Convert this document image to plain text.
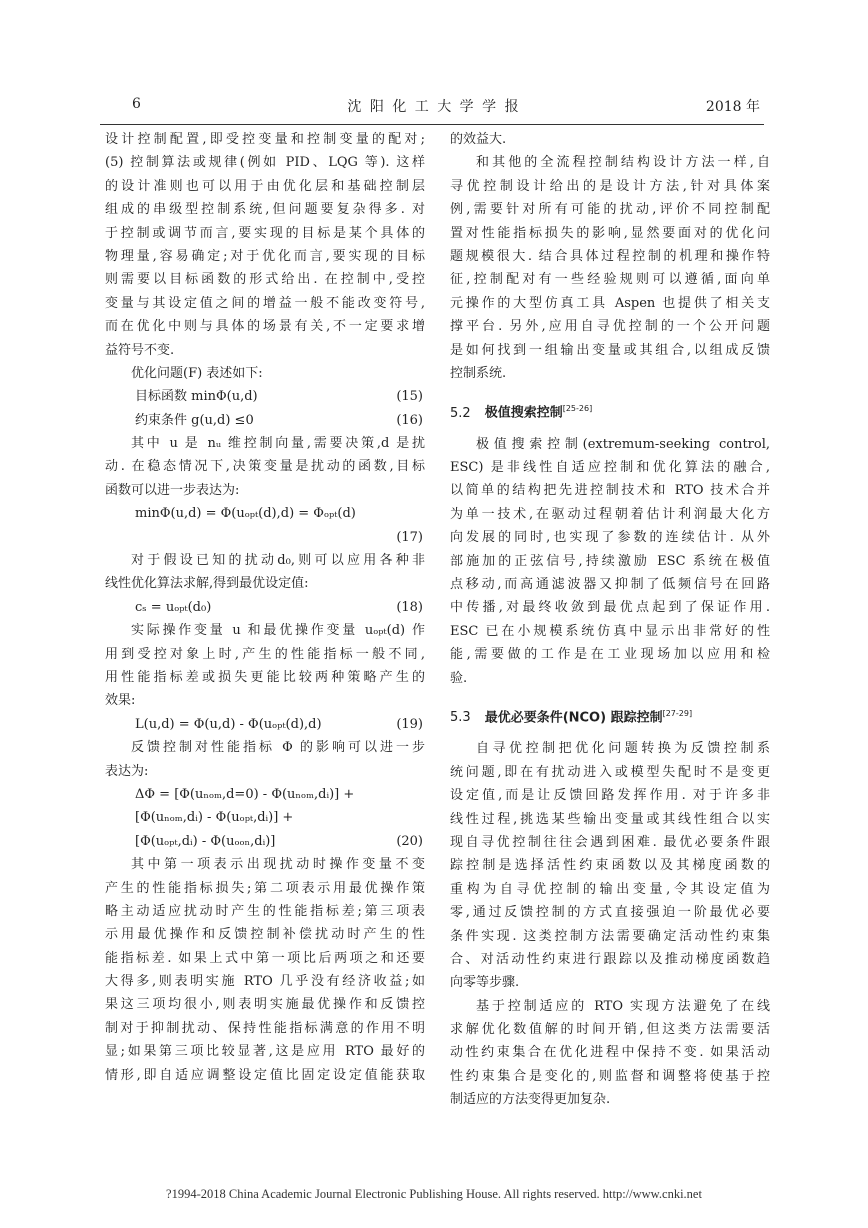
6	沈 阳 化 工 大 学 学 报	2018 年
设计控制配置,即受控变量和控制变量的配对;
(5) 控制算法或规律(例如 PID、LQG 等). 这样
的设计准则也可以用于由优化层和基础控制层
组成的串级型控制系统,但问题要复杂得多. 对
于控制或调节而言,要实现的目标是某个具体的
物理量,容易确定;对于优化而言,要实现的目标
则需要以目标函数的形式给出. 在控制中,受控
变量与其设定值之间的增益一般不能改变符号,
而在优化中则与具体的场景有关,不一定要求增
益符号不变.
优化问题(F) 表述如下:
目标函数 minΦ(u,d)	(15)
约束条件 g(u,d) ≤0	(16)
其中 u 是 nᵤ 维控制向量,需要决策,d 是扰
动. 在稳态情况下,决策变量是扰动的函数,目标
函数可以进一步表达为:
minΦ(u,d) = Φ(uₒₚₜ(d),d) = Φₒₚₜ(d)
(17)
对于假设已知的扰动d₀,则可以应用各种非
线性优化算法求解,得到最优设定值:
cₛ = uₒₚₜ(d₀)	(18)
实际操作变量 u 和最优操作变量 uₒₚₜ(d) 作
用到受控对象上时,产生的性能指标一般不同,
用性能指标差或损失更能比较两种策略产生的
效果:
L(u,d) = Φ(u,d) - Φ(uₒₚₜ(d),d)	(19)
反馈控制对性能指标 Φ 的影响可以进一步
表达为:
ΔΦ = [Φ(uₙₒₘ,d=0) - Φ(uₙₒₘ,dᵢ)] +
[Φ(uₙₒₘ,dᵢ) - Φ(uₒₚₜ,dᵢ)] +
[Φ(uₒₚₜ,dᵢ) - Φ(uₒₒₙ,dᵢ)]	(20)
其中第一项表示出现扰动时操作变量不变
产生的性能指标损失;第二项表示用最优操作策
略主动适应扰动时产生的性能指标差;第三项表
示用最优操作和反馈控制补偿扰动时产生的性
能指标差. 如果上式中第一项比后两项之和还要
大得多,则表明实施 RTO 几乎没有经济收益;如
果这三项均很小,则表明实施最优操作和反馈控
制对于抑制扰动、保持性能指标满意的作用不明
显;如果第三项比较显著,这是应用 RTO 最好的
情形,即自适应调整设定值比固定设定值能获取
的效益大.
和其他的全流程控制结构设计方法一样,自
寻优控制设计给出的是设计方法,针对具体案
例,需要针对所有可能的扰动,评价不同控制配
置对性能指标损失的影响,显然要面对的优化问
题规模很大. 结合具体过程控制的机理和操作特
征,控制配对有一些经验规则可以遵循,面向单
元操作的大型仿真工具 Aspen 也提供了相关支
撑平台. 另外,应用自寻优控制的一个公开问题
是如何找到一组输出变量或其组合,以组成反馈
控制系统.
5.2 极值搜索控制[25-26]
极值搜索控制(extremum-seeking control,
ESC) 是非线性自适应控制和优化算法的融合,
以简单的结构把先进控制技术和 RTO 技术合并
为单一技术,在驱动过程朝着估计利润最大化方
向发展的同时,也实现了参数的连续估计. 从外
部施加的正弦信号,持续激励 ESC 系统在极值
点移动,而高通滤波器又抑制了低频信号在回路
中传播,对最终收敛到最优点起到了保证作用.
ESC 已在小规模系统仿真中显示出非常好的性
能,需要做的工作是在工业现场加以应用和检
验.
5.3 最优必要条件(NCO) 跟踪控制[27-29]
自寻优控制把优化问题转换为反馈控制系
统问题,即在有扰动进入或模型失配时不是变更
设定值,而是让反馈回路发挥作用. 对于许多非
线性过程,挑选某些输出变量或其线性组合以实
现自寻优控制往往会遇到困难. 最优必要条件跟
踪控制是选择活性约束函数以及其梯度函数的
重构为自寻优控制的输出变量,令其设定值为
零,通过反馈控制的方式直接强迫一阶最优必要
条件实现. 这类控制方法需要确定活动性约束集
合、对活动性约束进行跟踪以及推动梯度函数趋
向零等步骤.
基于控制适应的 RTO 实现方法避免了在线
求解优化数值解的时间开销,但这类方法需要活
动性约束集合在优化进程中保持不变. 如果活动
性约束集合是变化的,则监督和调整将使基于控
制适应的方法变得更加复杂.
?1994-2018 China Academic Journal Electronic Publishing House. All rights reserved. http://www.cnki.net
